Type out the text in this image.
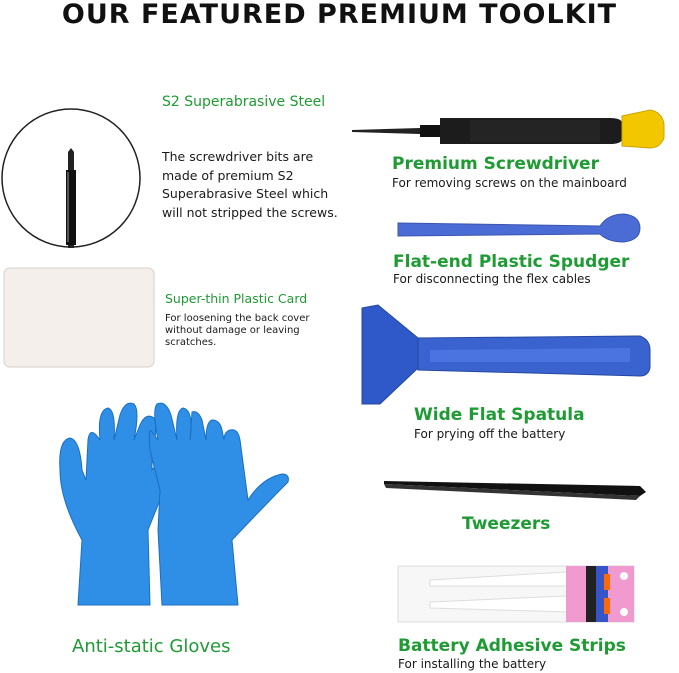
OUR FEATURED PREMIUM TOOLKIT
S2 Superabrasive Steel
The screwdriver bits are made of premium S2 Superabrasive Steel which will not stripped the screws.
Super-thin Plastic Card
For loosening the back cover without damage or leaving scratches.
Anti-static Gloves
Premium Screwdriver
For removing screws on the mainboard
Flat-end Plastic Spudger
For disconnecting the flex cables
Wide Flat Spatula
For prying off the battery
Tweezers
Battery Adhesive Strips
For installing the battery
